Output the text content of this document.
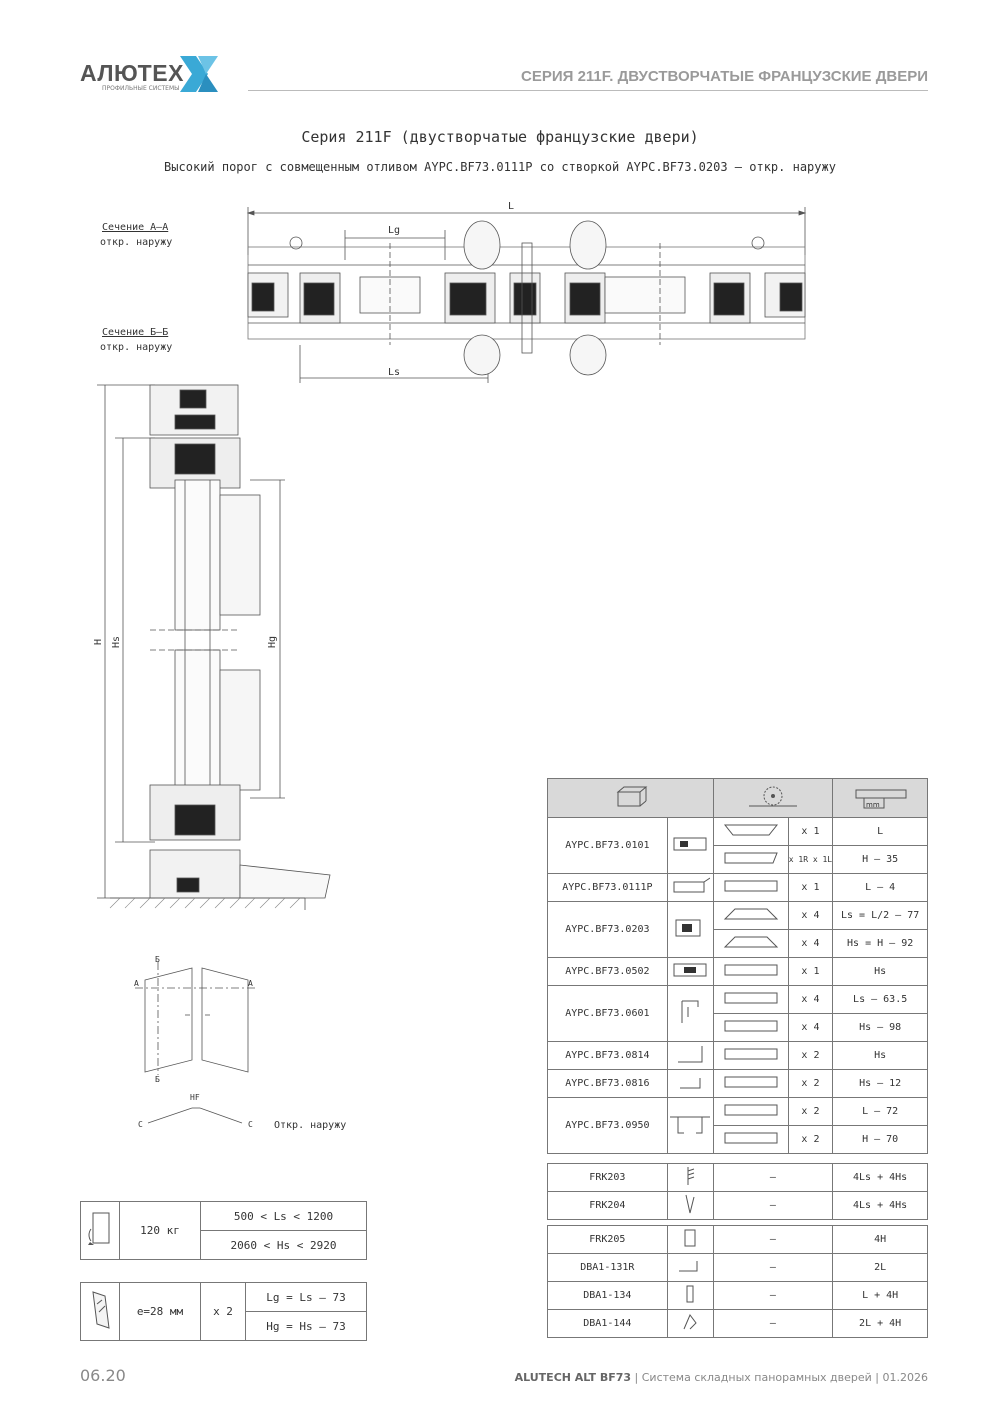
АЛЮТЕХ
ПРОФИЛЬНЫЕ СИСТЕМЫ
СЕРИЯ 211F. ДВУСТВОРЧАТЫЕ ФРАНЦУЗСКИЕ ДВЕРИ
Серия 211F (двустворчатые французские двери)
Высокий порог с совмещенным отливом AYPC.BF73.0111P со створкой AYPC.BF73.0203 — откр. наружу
Сечение А–А
откр. наружу
Сечение Б–Б
откр. наружу
L
Lg
Ls
H Hs	Hg
Б
Б
А	А
HF
С	С Откр. наружу
	120 кг	500 < Ls < 1200
2060 < Hs < 2920
	e=28 мм	x 2	Lg = Ls – 73
Hg = Hs – 73

mm

AYPC.BF73.0101			x 1	L
	x 1R x 1L	H – 35
AYPC.BF73.0111P			x 1	L – 4
AYPC.BF73.0203			x 4	Ls = L/2 – 77
	x 4	Hs = H – 92
AYPC.BF73.0502			x 1	Hs
AYPC.BF73.0601			x 4	Ls – 63.5
	x 4	Hs – 98
AYPC.BF73.0814			x 2	Hs
AYPC.BF73.0816			x 2	Hs – 12
AYPC.BF73.0950			x 2	L – 72
	x 2	H – 70
FRK203		–	4Ls + 4Hs
FRK204		–	4Ls + 4Hs
FRK205		–	4H
DBA1-131R		–	2L
DBA1-134		–	L + 4H
DBA1-144		–	2L + 4H
06.20	ALUTECH ALT BF73 | Система складных панорамных дверей | 01.2026
